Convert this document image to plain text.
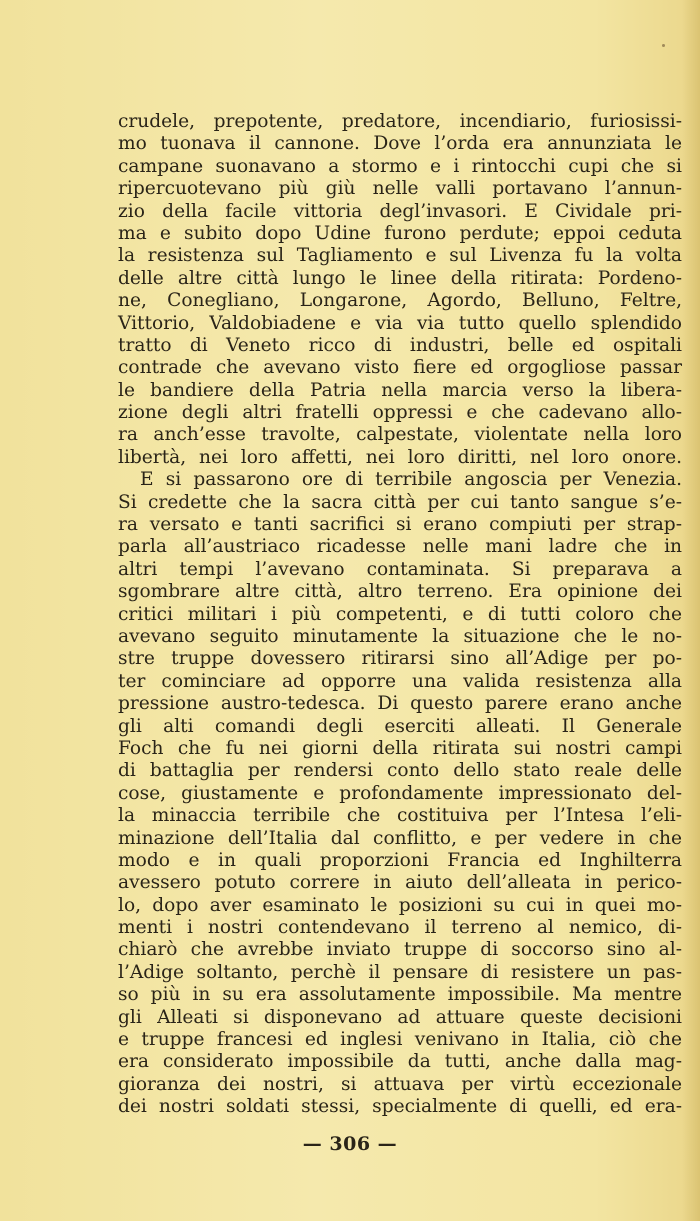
crudele, prepotente, predatore, incendiario, furiosissi-
mo tuonava il cannone. Dove l’orda era annunziata le
campane suonavano a stormo e i rintocchi cupi che si
ripercuotevano più giù nelle valli portavano l’annun-
zio della facile vittoria degl’invasori. E Cividale pri-
ma e subito dopo Udine furono perdute; eppoi ceduta
la resistenza sul Tagliamento e sul Livenza fu la volta
delle altre città lungo le linee della ritirata: Pordeno-
ne, Conegliano, Longarone, Agordo, Belluno, Feltre,
Vittorio, Valdobiadene e via via tutto quello splendido
tratto di Veneto ricco di industri, belle ed ospitali
contrade che avevano visto fiere ed orgogliose passar
le bandiere della Patria nella marcia verso la libera-
zione degli altri fratelli oppressi e che cadevano allo-
ra anch’esse travolte, calpestate, violentate nella loro
libertà, nei loro affetti, nei loro diritti, nel loro onore.
E si passarono ore di terribile angoscia per Venezia.
Si credette che la sacra città per cui tanto sangue s’e-
ra versato e tanti sacrifici si erano compiuti per strap-
parla all’austriaco ricadesse nelle mani ladre che in
altri tempi l’avevano contaminata. Si preparava a
sgombrare altre città, altro terreno. Era opinione dei
critici militari i più competenti, e di tutti coloro che
avevano seguito minutamente la situazione che le no-
stre truppe dovessero ritirarsi sino all’Adige per po-
ter cominciare ad opporre una valida resistenza alla
pressione austro-tedesca. Di questo parere erano anche
gli alti comandi degli eserciti alleati. Il Generale
Foch che fu nei giorni della ritirata sui nostri campi
di battaglia per rendersi conto dello stato reale delle
cose, giustamente e profondamente impressionato del-
la minaccia terribile che costituiva per l’Intesa l’eli-
minazione dell’Italia dal conflitto, e per vedere in che
modo e in quali proporzioni Francia ed Inghilterra
avessero potuto correre in aiuto dell’alleata in perico-
lo, dopo aver esaminato le posizioni su cui in quei mo-
menti i nostri contendevano il terreno al nemico, di-
chiarò che avrebbe inviato truppe di soccorso sino al-
l’Adige soltanto, perchè il pensare di resistere un pas-
so più in su era assolutamente impossibile. Ma mentre
gli Alleati si disponevano ad attuare queste decisioni
e truppe francesi ed inglesi venivano in Italia, ciò che
era considerato impossibile da tutti, anche dalla mag-
gioranza dei nostri, si attuava per virtù eccezionale
dei nostri soldati stessi, specialmente di quelli, ed era-
— 306 —
